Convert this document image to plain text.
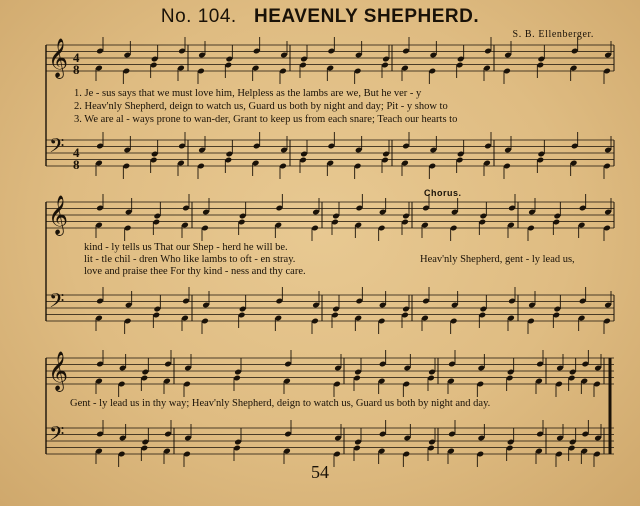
No. 104. HEAVENLY SHEPHERD.
S. B. Ellenberger.
𝄞
𝄢
4
8
4
8
𝄞
𝄢
𝄞
𝄢
1. Je - sus says that we must love him, Helpless as the lambs are we, But he ver - y
2. Heav'nly Shepherd, deign to watch us, Guard us both by night and day; Pit - y show to
3. We are al - ways prone to wan-der, Grant to keep us from each snare; Teach our hearts to
Chorus.
kind - ly tells us That our Shep - herd he will be.
lit - tle chil - dren Who like lambs to oft - en stray.
love and praise thee For thy kind - ness and thy care.
Heav'nly Shepherd, gent - ly lead us,
Gent - ly lead us in thy way; Heav'nly Shepherd, deign to watch us, Guard us both by night and day.
54
